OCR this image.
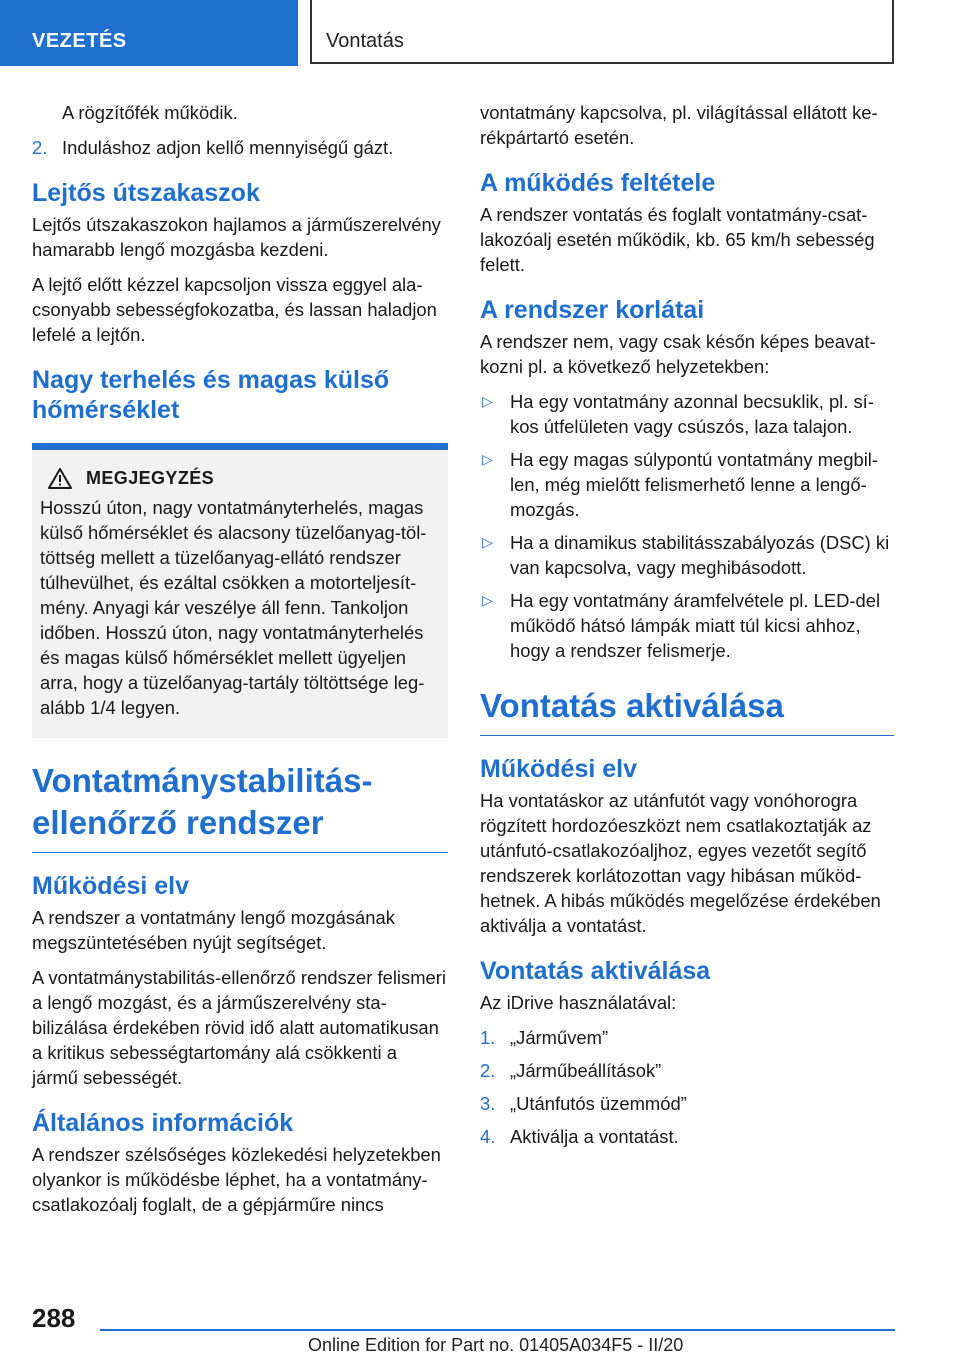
VEZETÉS	Vontatás

A rögzítőfék működik.

2. Induláshoz adjon kellő mennyiségű gázt.
Lejtős útszakaszok

Lejtős útszakaszokon hajlamos a járműszerelvény hamarabb lengő mozgásba kezdeni.

A lejtő előtt kézzel kapcsoljon vissza eggyel alacsonyabb sebességfokozatba, és lassan haladjon lefelé a lejtőn.

Nagy terhelés és magas külső hőmérséklet
MEGJEGYZÉS

Hosszú úton, nagy vontatmányterhelés, magas külső hőmérséklet és alacsony tüzelőanyag-töltöttség mellett a tüzelőanyag-ellátó rendszer túlhevülhet, és ezáltal csökken a motorteljesítmény. Anyagi kár veszélye áll fenn. Tankoljon időben. Hosszú úton, nagy vontatmányterhelés és magas külső hőmérséklet mellett ügyeljen arra, hogy a tüzelőanyag-tartály töltöttsége legalább 1/4 legyen.

Vontatmánystabilitás-ellenőrző rendszer
Működési elv

A rendszer a vontatmány lengő mozgásának megszüntetésében nyújt segítséget.

A vontatmánystabilitás-ellenőrző rendszer felismeri a lengő mozgást, és a járműszerelvény stabilizálása érdekében rövid idő alatt automatikusan a kritikus sebességtartomány alá csökkenti a jármű sebességét.

Általános információk

A rendszer szélsőséges közlekedési helyzetekben olyankor is működésbe léphet, ha a vontatmány-csatlakozóalj foglalt, de a gépjárműre nincs

vontatmány kapcsolva, pl. világítással ellátott kerékpártartó esetén.

A működés feltétele

A rendszer vontatás és foglalt vontatmány-csatlakozóalj esetén működik, kb. 65 km/h sebesség felett.

A rendszer korlátai

A rendszer nem, vagy csak későn képes beavatkozni pl. a következő helyzetekben:

▷ Ha egy vontatmány azonnal becsuklik, pl. síkos útfelületen vagy csúszós, laza talajon.
▷ Ha egy magas súlypontú vontatmány megbillen, még mielőtt felismerhető lenne a lengőmozgás.
▷ Ha a dinamikus stabilitásszabályozás (DSC) ki van kapcsolva, vagy meghibásodott.
▷ Ha egy vontatmány áramfelvétele pl. LED-del működő hátsó lámpák miatt túl kicsi ahhoz, hogy a rendszer felismerje.
Vontatás aktiválása
Működési elv

Ha vontatáskor az utánfutót vagy vonóhorogra rögzített hordozóeszközt nem csatlakoztatják az utánfutó-csatlakozóaljhoz, egyes vezetőt segítő rendszerek korlátozottan vagy hibásan működhetnek. A hibás működés megelőzése érdekében aktiválja a vontatást.

Vontatás aktiválása

Az iDrive használatával:

1. „Járművem”
2. „Járműbeállítások”
3. „Utánfutós üzemmód”
4. Aktiválja a vontatást.
288
Online Edition for Part no. 01405A034F5 - II/20
